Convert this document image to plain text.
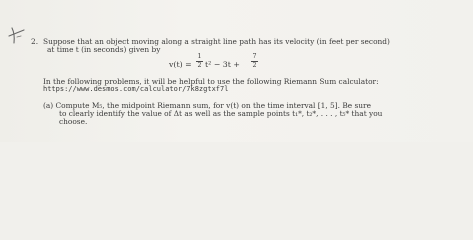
2. Suppose that an object moving along a straight line path has its velocity (in feet per second)
at time t (in seconds) given by
v(t) =
1
2 t² − 3t +
7
2
In the following problems, it will be helpful to use the following Riemann Sum calculator:
https://www.desmos.com/calculator/7k8zgtxf7l
(a) Compute M₅, the midpoint Riemann sum, for v(t) on the time interval [1, 5]. Be sure
to clearly identify the value of Δt as well as the sample points t₁*, t₂*, . . . , t₅* that you
choose.
